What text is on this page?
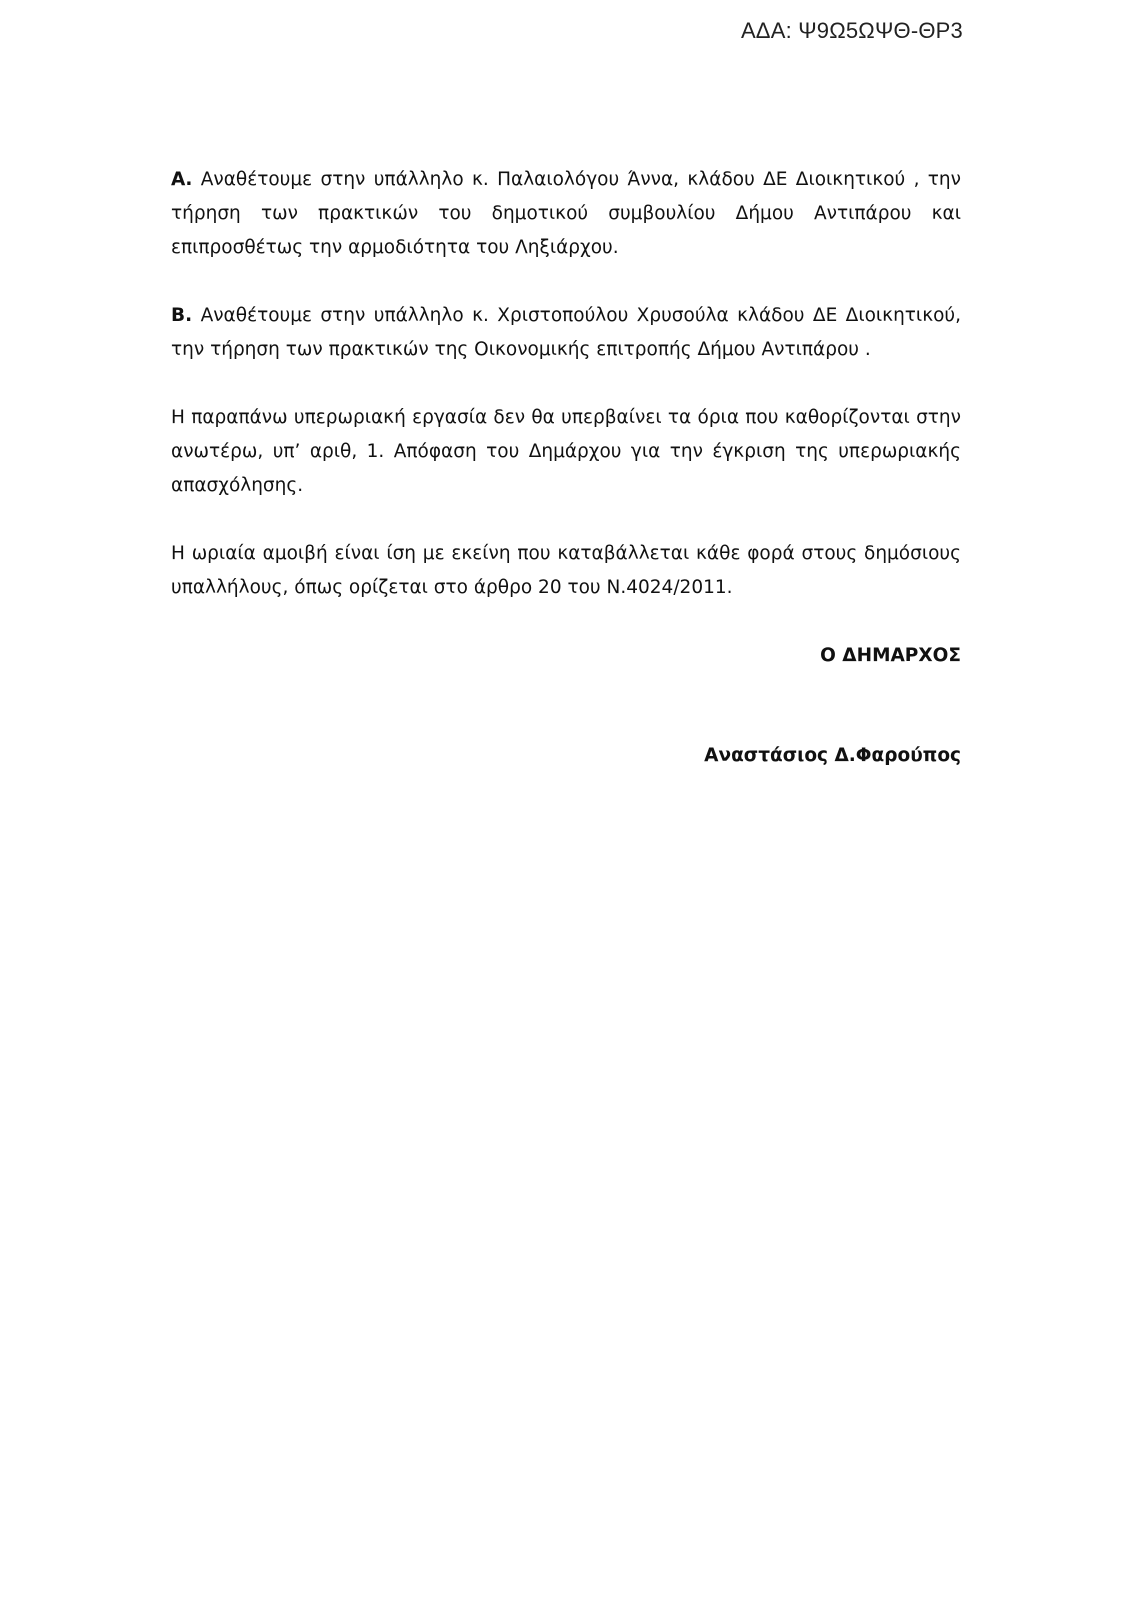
ΑΔΑ: Ψ9Ω5ΩΨΘ-ΘΡ3

Α. Αναθέτουμε στην υπάλληλο κ. Παλαιολόγου Άννα, κλάδου ΔΕ Διοικητικού , την τήρηση των πρακτικών του δημοτικού συμβουλίου Δήμου Αντιπάρου και επιπροσθέτως την αρμοδιότητα του Ληξιάρχου.

Β. Αναθέτουμε στην υπάλληλο κ. Χριστοπούλου Χρυσούλα κλάδου ΔΕ Διοικητικού, την τήρηση των πρακτικών της Οικονομικής επιτροπής Δήμου Αντιπάρου .

Η παραπάνω υπερωριακή εργασία δεν θα υπερβαίνει τα όρια που καθορίζονται στην ανωτέρω, υπ’ αριθ, 1. Απόφαση του Δημάρχου για την έγκριση της υπερωριακής απασχόλησης.

Η ωριαία αμοιβή είναι ίση με εκείνη που καταβάλλεται κάθε φορά στους δημόσιους υπαλλήλους, όπως ορίζεται στο άρθρο 20 του Ν.4024/2011.

Ο ΔΗΜΑΡΧΟΣ
Αναστάσιος Δ.Φαρούπος
